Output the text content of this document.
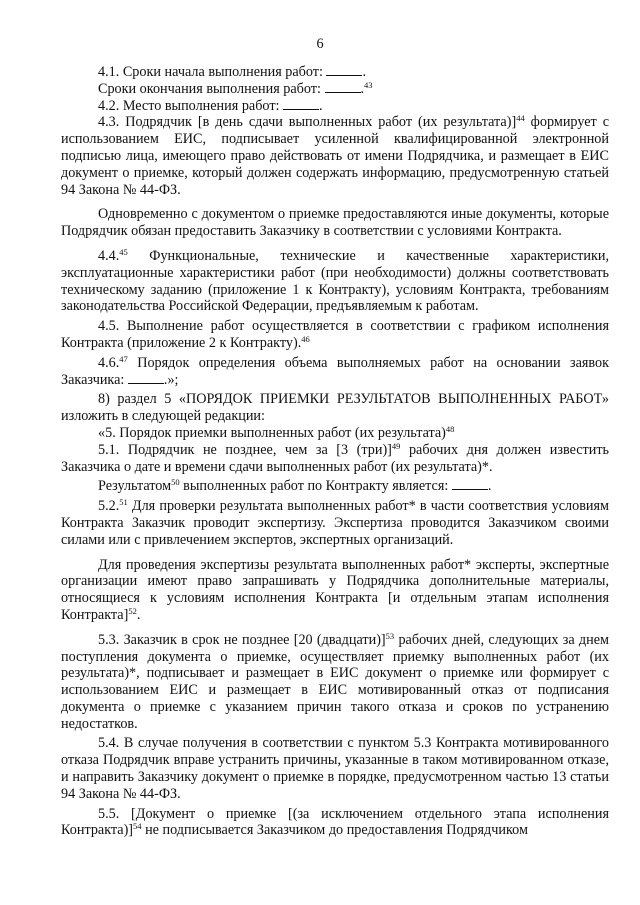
6

4.1. Сроки начала выполнения работ:	.

Сроки окончания выполнения работ:	.$^{43}$

4.2. Место выполнения работ:	.

4.3. Подрядчик [в день сдачи выполненных работ (их результата)]$^{44}$ формирует с использованием ЕИС, подписывает усиленной квалифицированной электронной подписью лица, имеющего право действовать от имени Подрядчика, и размещает в ЕИС документ о приемке, который должен содержать информацию, предусмотренную статьей 94 Закона № 44-ФЗ.

Одновременно с документом о приемке предоставляются иные документы, которые Подрядчик обязан предоставить Заказчику в соответствии с условиями Контракта.

4.4.45 Функциональные, технические и качественные характеристики, эксплуатационные характеристики работ (при необходимости) должны соответствовать техническому заданию (приложение 1 к Контракту), условиям Контракта, требованиям законодательства Российской Федерации, предъявляемым к работам.

4.5. Выполнение работ осуществляется в соответствии с графиком исполнения Контракта (приложение 2 к Контракту).$^{46}$

4.6.47 Порядок определения объема выполняемых работ на основании заявок Заказчика:	.»;

8) раздел 5 «ПОРЯДОК ПРИЕМКИ РЕЗУЛЬТАТОВ ВЫПОЛНЕННЫХ РАБОТ» изложить в следующей редакции:

«5. Порядок приемки выполненных работ (их результата)$^{48}$

5.1. Подрядчик не позднее, чем за [3 (три)]$^{49}$ рабочих дня должен известить Заказчика о дате и времени сдачи выполненных работ (их результата)*.

Результатом$^{50}$ выполненных работ по Контракту является:	.

5.2.51 Для проверки результата выполненных работ* в части соответствия условиям Контракта Заказчик проводит экспертизу. Экспертиза проводится Заказчиком своими силами или с привлечением экспертов, экспертных организаций.

Для проведения экспертизы результата выполненных работ* эксперты, экспертные организации имеют право запрашивать у Подрядчика дополнительные материалы, относящиеся к условиям исполнения Контракта [и отдельным этапам исполнения Контракта]$^{52}$.

5.3. Заказчик в срок не позднее [20 (двадцати)]$^{53}$ рабочих дней, следующих за днем поступления документа о приемке, осуществляет приемку выполненных работ (их результата)*, подписывает и размещает в ЕИС документ о приемке или формирует с использованием ЕИС и размещает в ЕИС мотивированный отказ от подписания документа о приемке с указанием причин такого отказа и сроков по устранению недостатков.

5.4. В случае получения в соответствии с пунктом 5.3 Контракта мотивированного отказа Подрядчик вправе устранить причины, указанные в таком мотивированном отказе, и направить Заказчику документ о приемке в порядке, предусмотренном частью 13 статьи 94 Закона № 44-ФЗ.

5.5. [Документ о приемке [(за исключением отдельного этапа исполнения Контракта)]$^{54}$ не подписывается Заказчиком до предоставления Подрядчиком
